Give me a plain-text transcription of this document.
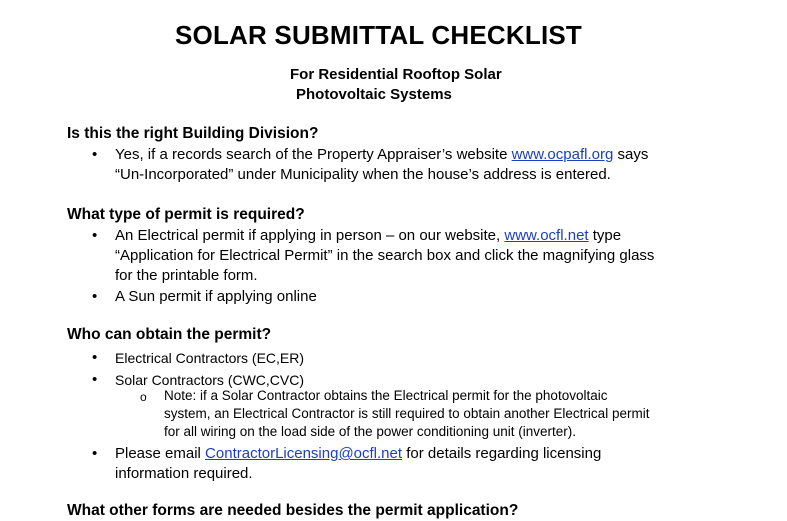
SOLAR SUBMITTAL CHECKLIST
For Residential Rooftop Solar
Photovoltaic Systems
Is this the right Building Division?
• Yes, if a records search of the Property Appraiser’s website www.ocpafl.org says
“Un-Incorporated” under Municipality when the house’s address is entered.
What type of permit is required?
• An Electrical permit if applying in person – on our website, www.ocfl.net type
“Application for Electrical Permit” in the search box and click the magnifying glass
for the printable form.
• A Sun permit if applying online
Who can obtain the permit?
• Electrical Contractors (EC,ER)
• Solar Contractors (CWC,CVC)
o Note: if a Solar Contractor obtains the Electrical permit for the photovoltaic
system, an Electrical Contractor is still required to obtain another Electrical permit
for all wiring on the load side of the power conditioning unit (inverter).
• Please email ContractorLicensing@ocfl.net for details regarding licensing
information required.
What other forms are needed besides the permit application?
